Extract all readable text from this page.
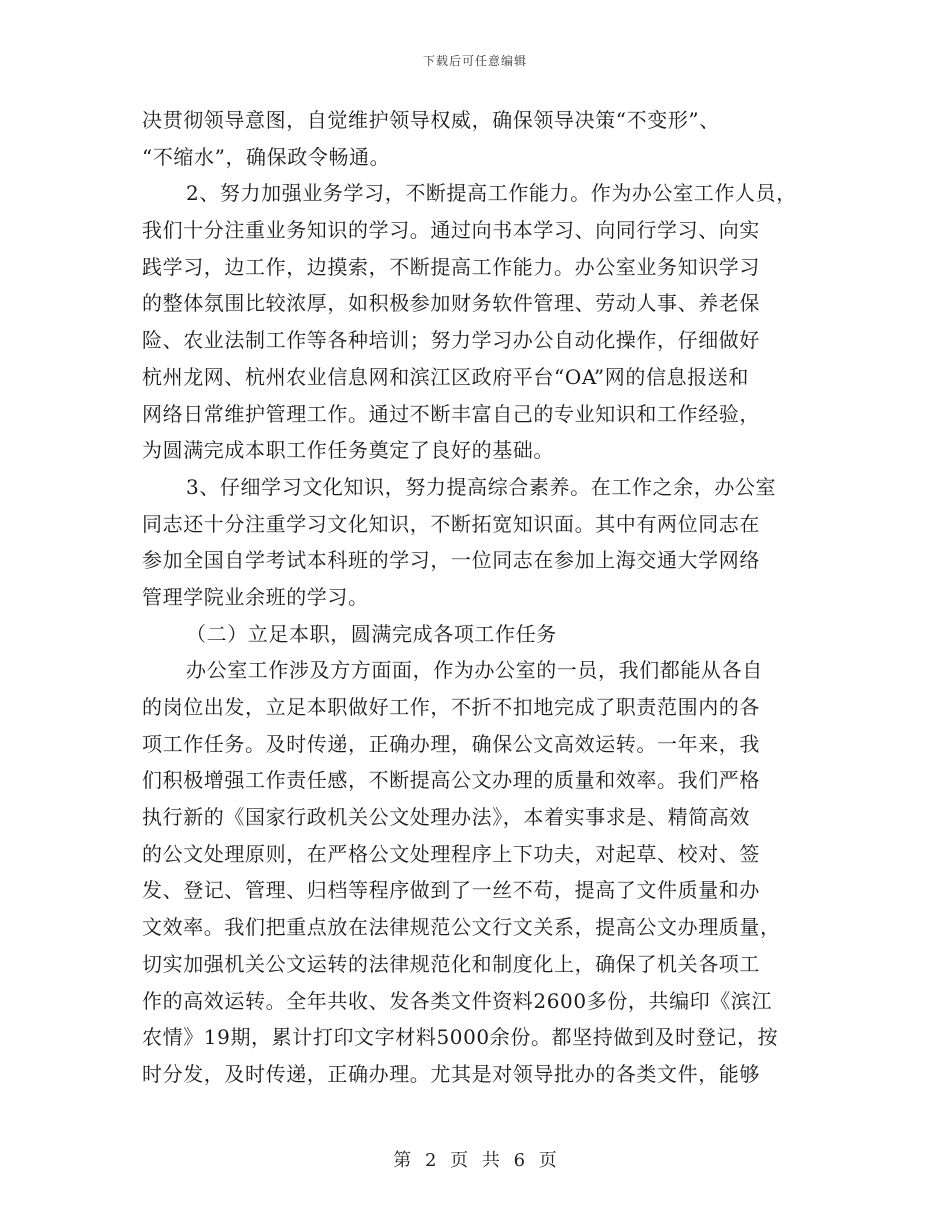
下载后可任意编辑
决贯彻领导意图，自觉维护领导权威，确保领导决策“不变形”、
“不缩水”，确保政令畅通。
2、努力加强业务学习，不断提高工作能力。作为办公室工作人员，
我们十分注重业务知识的学习。通过向书本学习、向同行学习、向实
践学习，边工作，边摸索，不断提高工作能力。办公室业务知识学习
的整体氛围比较浓厚，如积极参加财务软件管理、劳动人事、养老保
险、农业法制工作等各种培训；努力学习办公自动化操作，仔细做好
杭州龙网、杭州农业信息网和滨江区政府平台“OA”网的信息报送和
网络日常维护管理工作。通过不断丰富自己的专业知识和工作经验，
为圆满完成本职工作任务奠定了良好的基础。
3、仔细学习文化知识，努力提高综合素养。在工作之余，办公室
同志还十分注重学习文化知识，不断拓宽知识面。其中有两位同志在
参加全国自学考试本科班的学习，一位同志在参加上海交通大学网络
管理学院业余班的学习。
（二）立足本职，圆满完成各项工作任务
办公室工作涉及方方面面，作为办公室的一员，我们都能从各自
的岗位出发，立足本职做好工作，不折不扣地完成了职责范围内的各
项工作任务。及时传递，正确办理，确保公文高效运转。一年来，我
们积极增强工作责任感，不断提高公文办理的质量和效率。我们严格
执行新的《国家行政机关公文处理办法》，本着实事求是、精简高效
的公文处理原则，在严格公文处理程序上下功夫，对起草、校对、签
发、登记、管理、归档等程序做到了一丝不苟，提高了文件质量和办
文效率。我们把重点放在法律规范公文行文关系，提高公文办理质量，
切实加强机关公文运转的法律规范化和制度化上，确保了机关各项工
作的高效运转。全年共收、发各类文件资料2600多份，共编印《滨江
农情》19期，累计打印文字材料5000余份。都坚持做到及时登记，按
时分发，及时传递，正确办理。尤其是对领导批办的各类文件，能够
第 2 页 共 6 页
